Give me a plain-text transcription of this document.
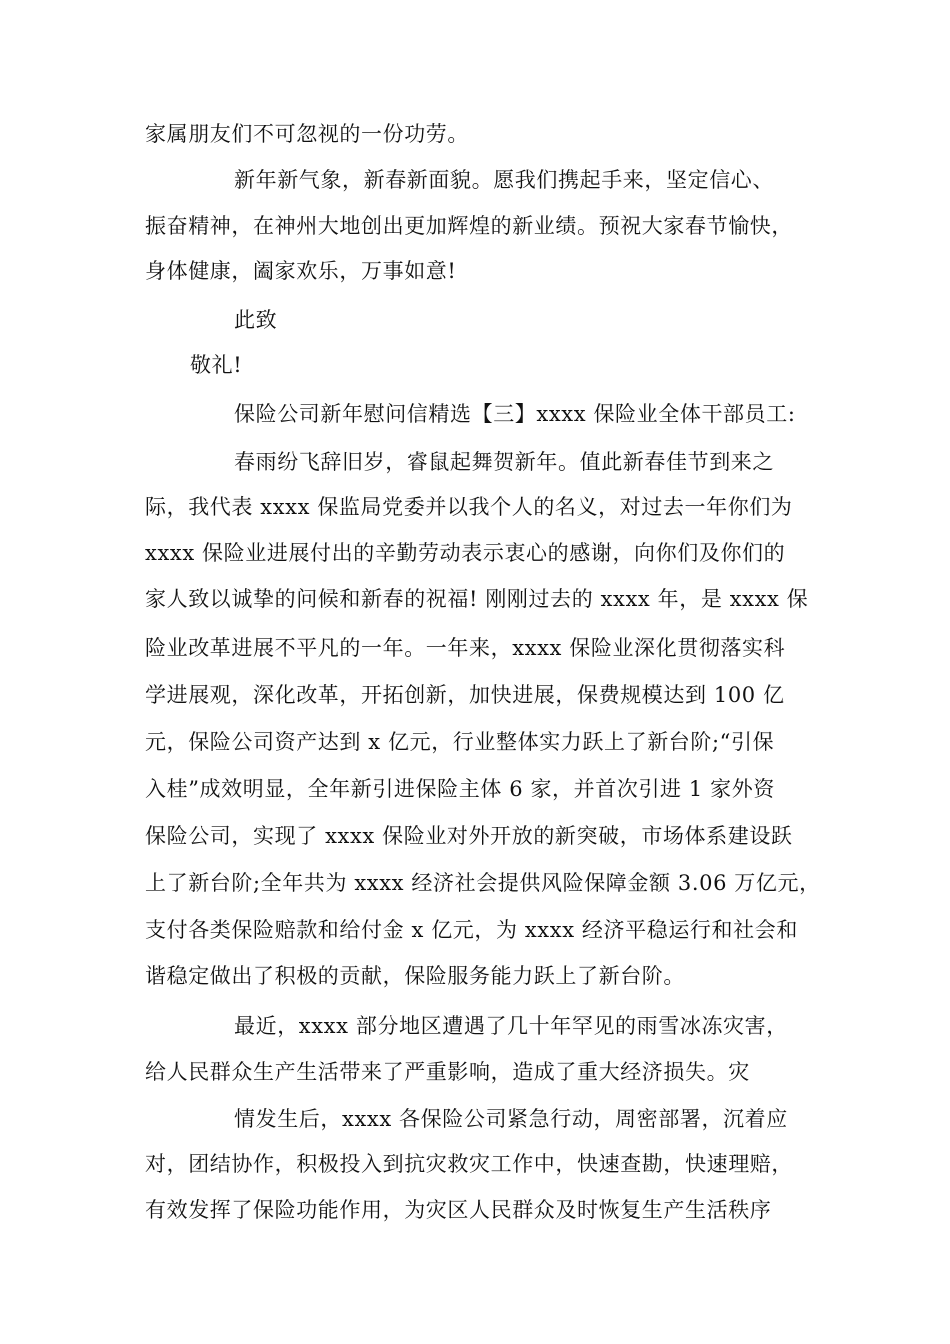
家属朋友们不可忽视的一份功劳。
新年新气象，新春新面貌。愿我们携起手来，坚定信心、
振奋精神，在神州大地创出更加辉煌的新业绩。预祝大家春节愉快，
身体健康，阖家欢乐，万事如意!
此致
敬礼!
保险公司新年慰问信精选【三】xxxx 保险业全体干部员工:
春雨纷飞辞旧岁，睿鼠起舞贺新年。值此新春佳节到来之
际，我代表 xxxx 保监局党委并以我个人的名义，对过去一年你们为
xxxx 保险业进展付出的辛勤劳动表示衷心的感谢，向你们及你们的
家人致以诚挚的问候和新春的祝福! 刚刚过去的 xxxx 年，是 xxxx 保
险业改革进展不平凡的一年。一年来，xxxx 保险业深化贯彻落实科
学进展观，深化改革，开拓创新，加快进展，保费规模达到 100 亿
元，保险公司资产达到 x 亿元，行业整体实力跃上了新台阶;“引保
入桂”成效明显，全年新引进保险主体 6 家，并首次引进 1 家外资
保险公司，实现了 xxxx 保险业对外开放的新突破，市场体系建设跃
上了新台阶;全年共为 xxxx 经济社会提供风险保障金额 3.06 万亿元，
支付各类保险赔款和给付金 x 亿元，为 xxxx 经济平稳运行和社会和
谐稳定做出了积极的贡献，保险服务能力跃上了新台阶。
最近，xxxx 部分地区遭遇了几十年罕见的雨雪冰冻灾害，
给人民群众生产生活带来了严重影响，造成了重大经济损失。灾
情发生后，xxxx 各保险公司紧急行动，周密部署，沉着应
对，团结协作，积极投入到抗灾救灾工作中，快速查勘，快速理赔，
有效发挥了保险功能作用，为灾区人民群众及时恢复生产生活秩序
